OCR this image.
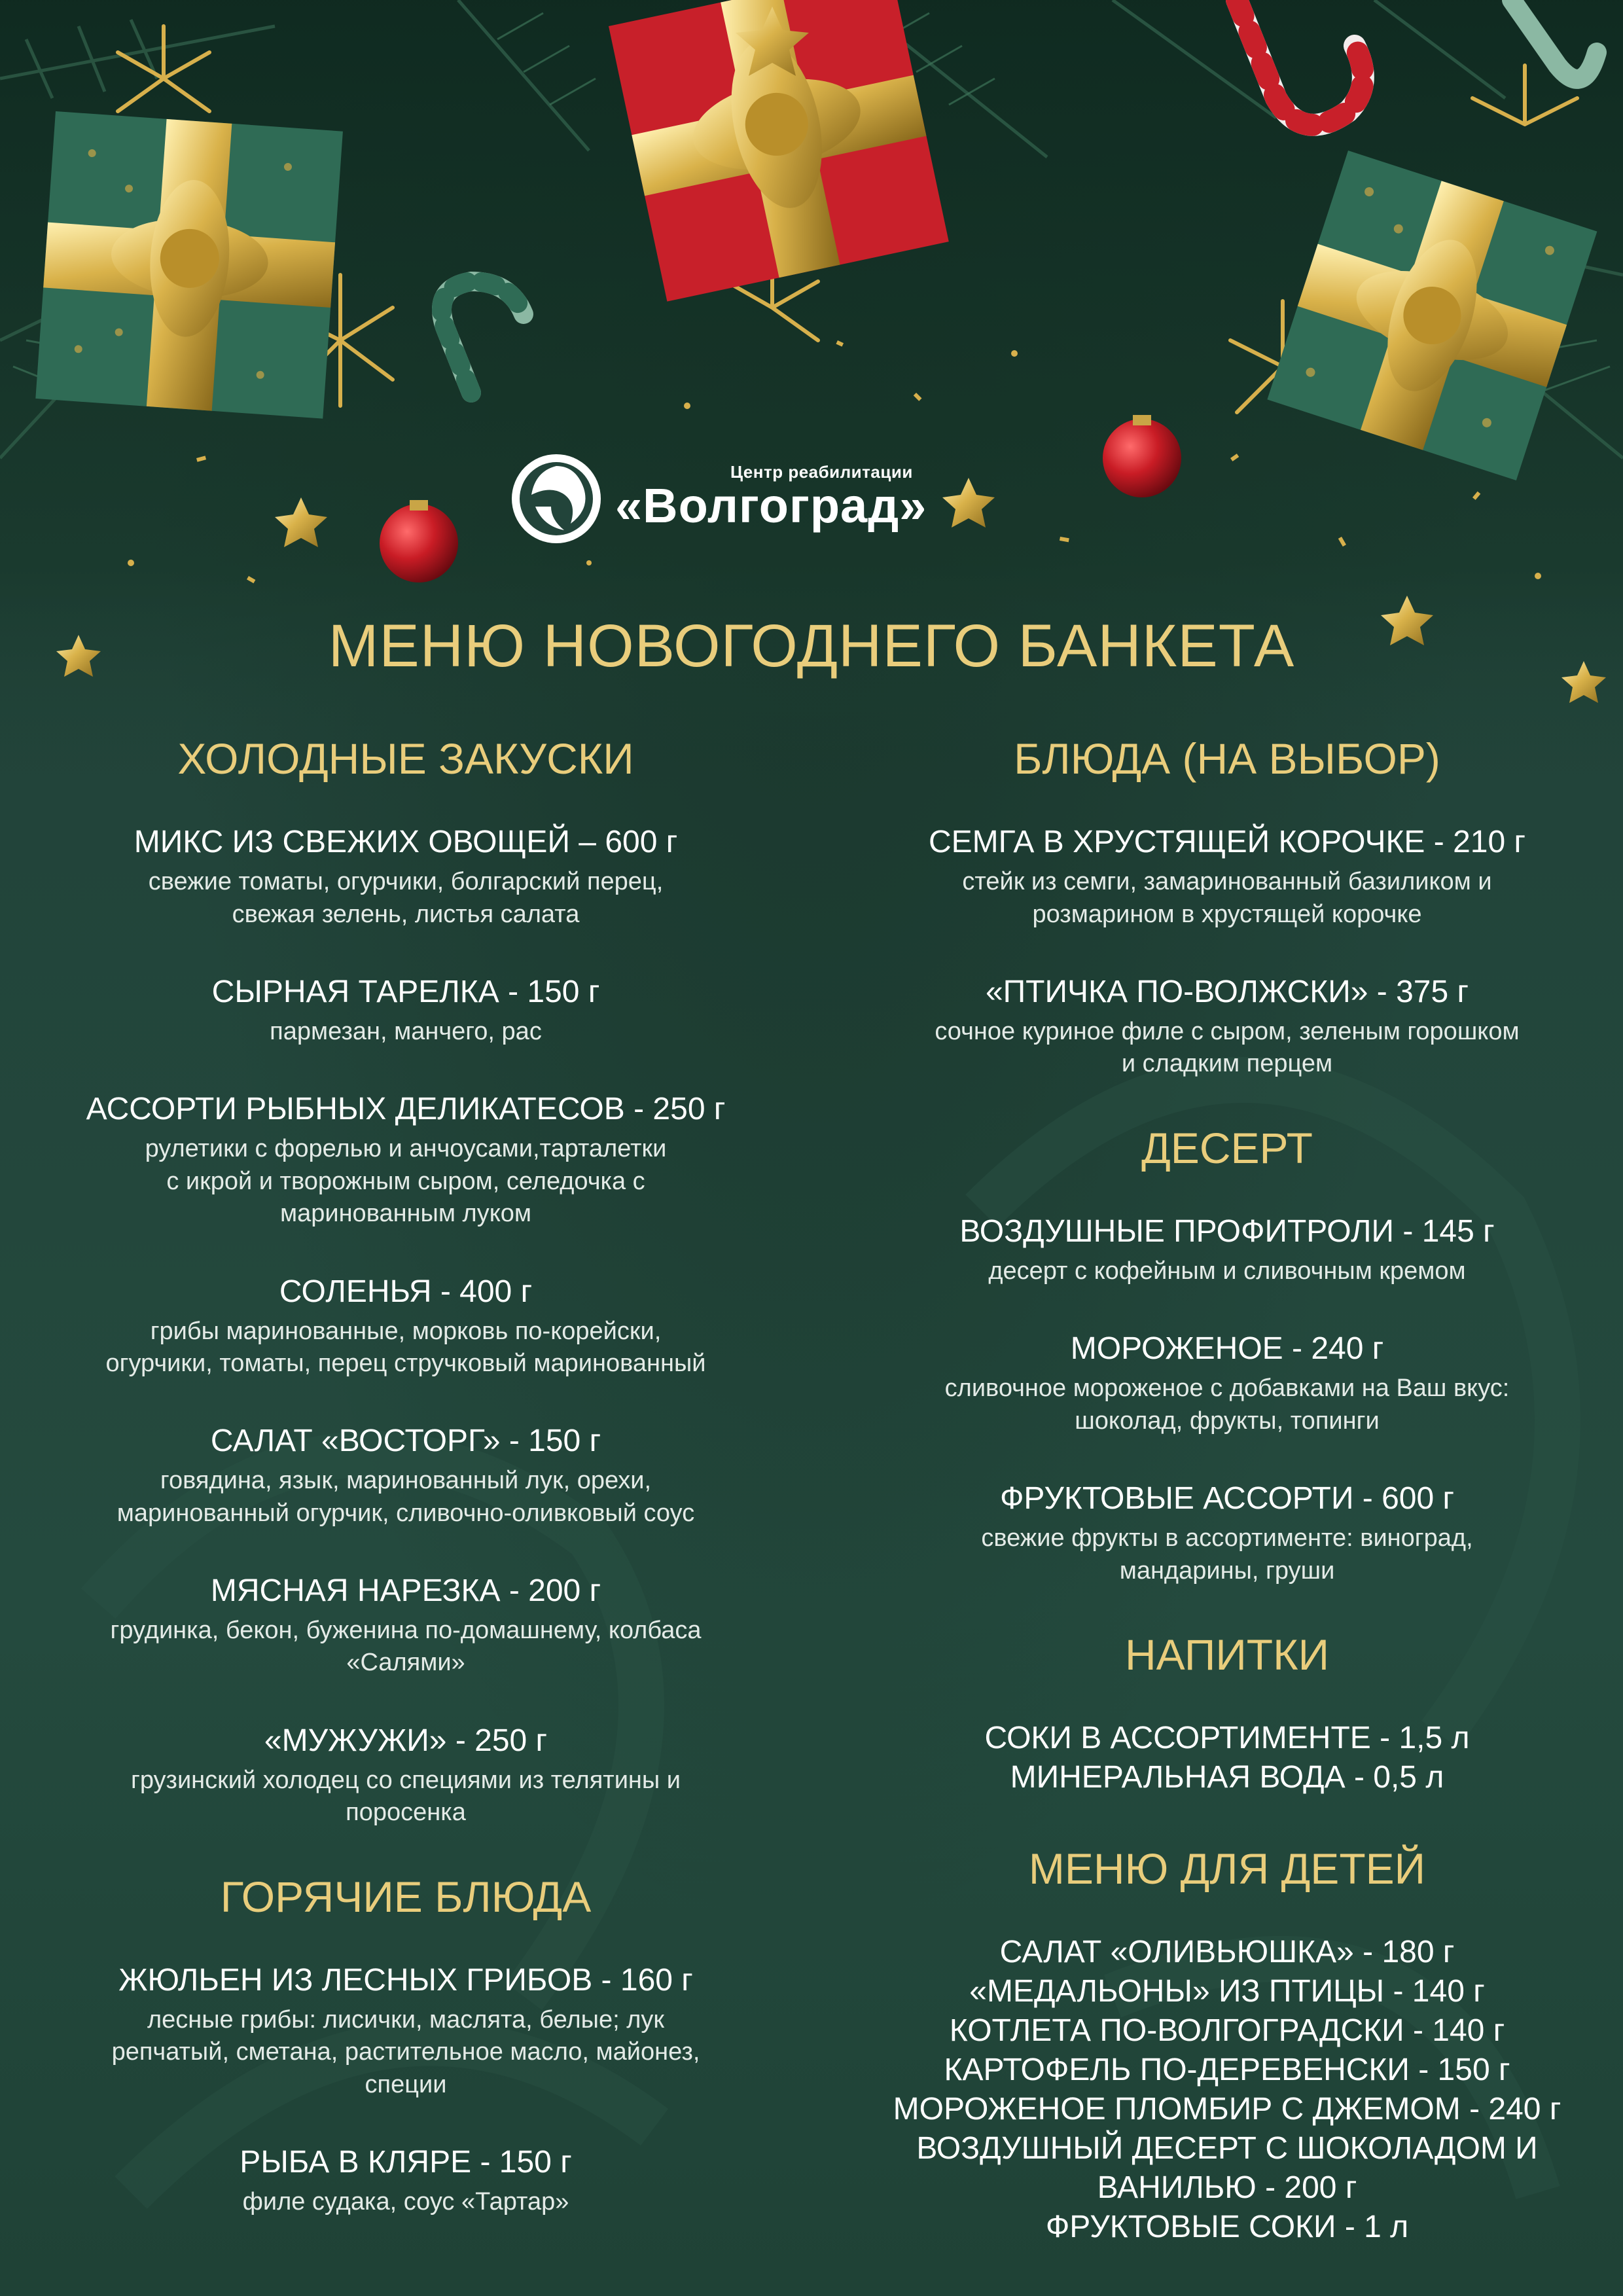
Центр реабилитации
«Волгоград»
МЕНЮ НОВОГОДНЕГО БАНКЕТА
ХОЛОДНЫЕ ЗАКУСКИ
МИКС ИЗ СВЕЖИХ ОВОЩЕЙ – 600 г
свежие томаты, огурчики, болгарский перец,
свежая зелень, листья салата
СЫРНАЯ ТАРЕЛКА - 150 г
пармезан, манчего, рас
АССОРТИ РЫБНЫХ ДЕЛИКАТЕСОВ - 250 г
рулетики с форелью и анчоусами,тарталетки
с икрой и творожным сыром, селедочка с
маринованным луком
СОЛЕНЬЯ - 400 г
грибы маринованные, морковь по-корейски,
огурчики, томаты, перец стручковый маринованный
САЛАТ «ВОСТОРГ» - 150 г
говядина, язык, маринованный лук, орехи,
маринованный огурчик, сливочно-оливковый соус
МЯСНАЯ НАРЕЗКА - 200 г
грудинка, бекон, буженина по-домашнему, колбаса
«Салями»
«МУЖУЖИ» - 250 г
грузинский холодец со специями из телятины и
поросенка
ГОРЯЧИЕ БЛЮДА
ЖЮЛЬЕН ИЗ ЛЕСНЫХ ГРИБОВ - 160 г
лесные грибы: лисички, маслята, белые; лук
репчатый, сметана, растительное масло, майонез,
специи
РЫБА В КЛЯРЕ - 150 г
филе судака, соус «Тартар»
БЛЮДА (НА ВЫБОР)
СЕМГА В ХРУСТЯЩЕЙ КОРОЧКЕ - 210 г
стейк из семги, замаринованный базиликом и
розмарином в хрустящей корочке
«ПТИЧКА ПО-ВОЛЖСКИ» - 375 г
сочное куриное филе с сыром, зеленым горошком
и сладким перцем
ДЕСЕРТ
ВОЗДУШНЫЕ ПРОФИТРОЛИ - 145 г
десерт с кофейным и сливочным кремом
МОРОЖЕНОЕ - 240 г
сливочное мороженое с добавками на Ваш вкус:
шоколад, фрукты, топинги
ФРУКТОВЫЕ АССОРТИ - 600 г
свежие фрукты в ассортименте: виноград,
мандарины, груши
НАПИТКИ
СОКИ В АССОРТИМЕНТЕ - 1,5 л
МИНЕРАЛЬНАЯ ВОДА - 0,5 л
МЕНЮ ДЛЯ ДЕТЕЙ
САЛАТ «ОЛИВЬЮШКА» - 180 г
«МЕДАЛЬОНЫ» ИЗ ПТИЦЫ - 140 г
КОТЛЕТА ПО-ВОЛГОГРАДСКИ - 140 г
КАРТОФЕЛЬ ПО-ДЕРЕВЕНСКИ - 150 г
МОРОЖЕНОЕ ПЛОМБИР С ДЖЕМОМ - 240 г
ВОЗДУШНЫЙ ДЕСЕРТ С ШОКОЛАДОМ И
ВАНИЛЬЮ - 200 г
ФРУКТОВЫЕ СОКИ - 1 л
